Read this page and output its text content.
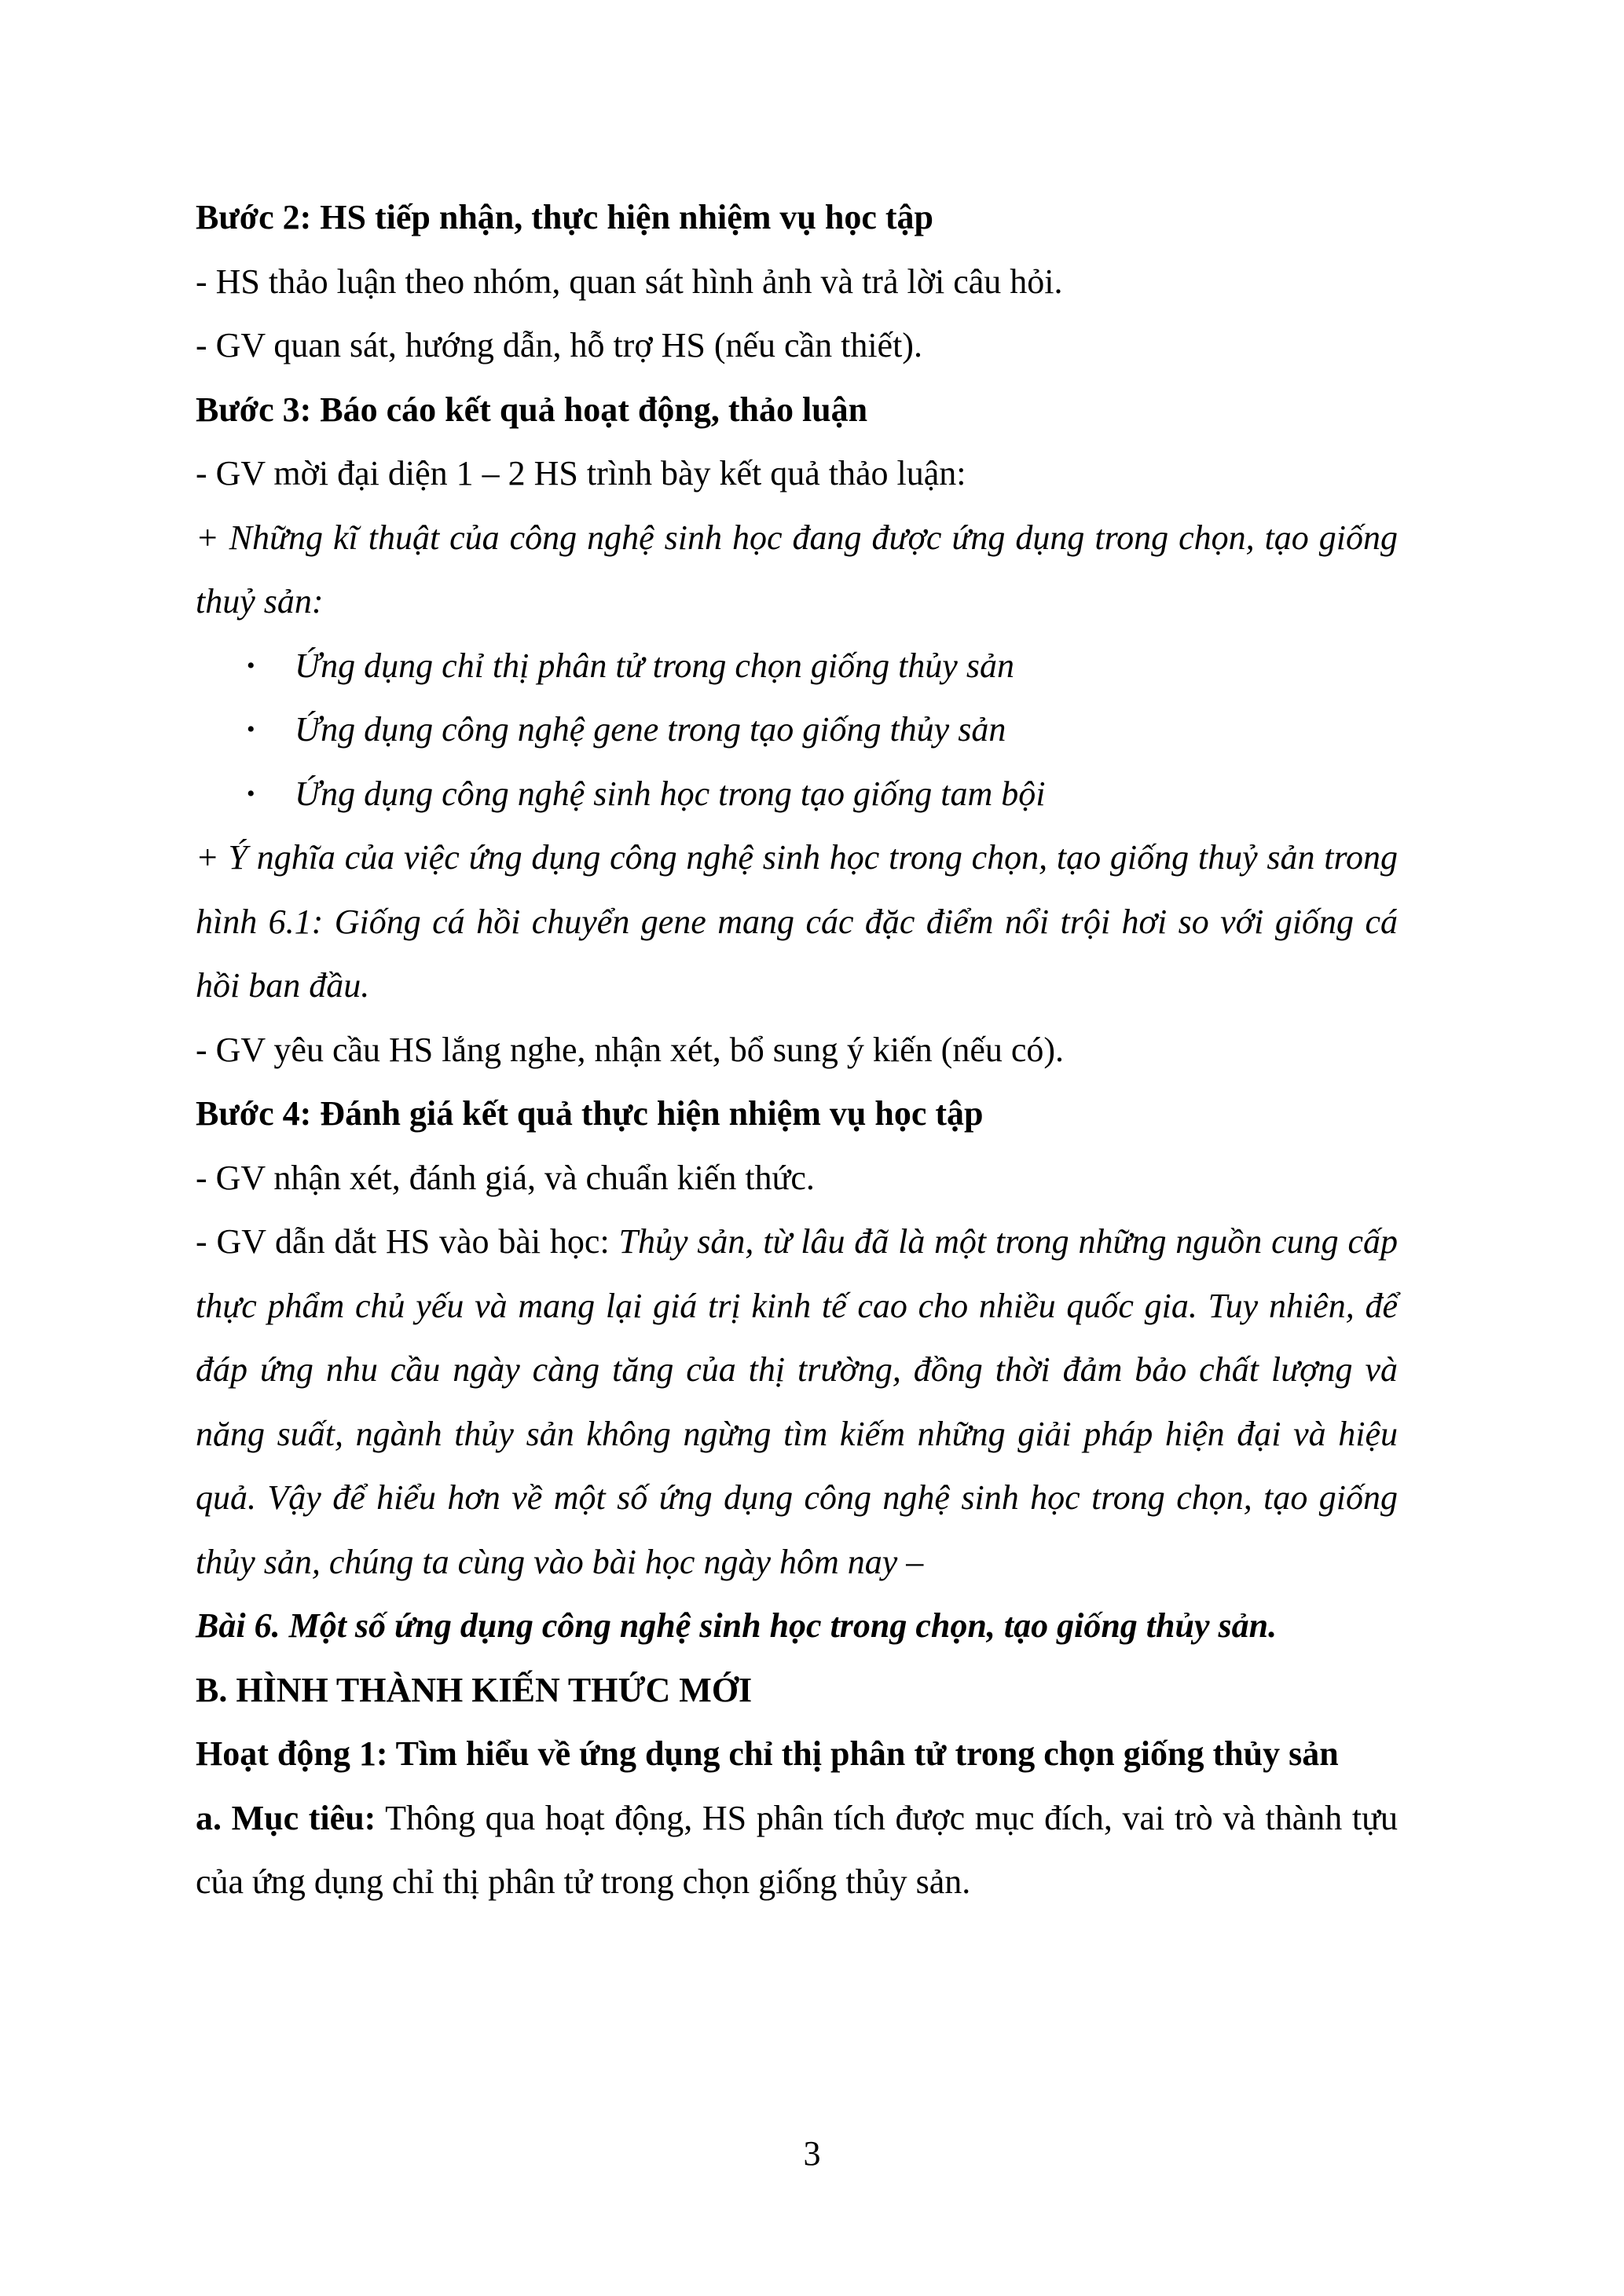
Bước 2: HS tiếp nhận, thực hiện nhiệm vụ học tập

- HS thảo luận theo nhóm, quan sát hình ảnh và trả lời câu hỏi.

- GV quan sát, hướng dẫn, hỗ trợ HS (nếu cần thiết).

Bước 3: Báo cáo kết quả hoạt động, thảo luận

- GV mời đại diện 1 – 2 HS trình bày kết quả thảo luận:

+ Những kĩ thuật của công nghệ sinh học đang được ứng dụng trong chọn, tạo giống thuỷ sản:

• Ứng dụng chỉ thị phân tử trong chọn giống thủy sản
• Ứng dụng công nghệ gene trong tạo giống thủy sản
• Ứng dụng công nghệ sinh học trong tạo giống tam bội

+ Ý nghĩa của việc ứng dụng công nghệ sinh học trong chọn, tạo giống thuỷ sản trong hình 6.1: Giống cá hồi chuyển gene mang các đặc điểm nổi trội hơi so với giống cá hồi ban đầu.

- GV yêu cầu HS lắng nghe, nhận xét, bổ sung ý kiến (nếu có).

Bước 4: Đánh giá kết quả thực hiện nhiệm vụ học tập

- GV nhận xét, đánh giá, và chuẩn kiến thức.

- GV dẫn dắt HS vào bài học: Thủy sản, từ lâu đã là một trong những nguồn cung cấp thực phẩm chủ yếu và mang lại giá trị kinh tế cao cho nhiều quốc gia. Tuy nhiên, để đáp ứng nhu cầu ngày càng tăng của thị trường, đồng thời đảm bảo chất lượng và năng suất, ngành thủy sản không ngừng tìm kiếm những giải pháp hiện đại và hiệu quả. Vậy để hiểu hơn về một số ứng dụng công nghệ sinh học trong chọn, tạo giống thủy sản, chúng ta cùng vào bài học ngày hôm nay –

Bài 6. Một số ứng dụng công nghệ sinh học trong chọn, tạo giống thủy sản.

B. HÌNH THÀNH KIẾN THỨC MỚI

Hoạt động 1: Tìm hiểu về ứng dụng chỉ thị phân tử trong chọn giống thủy sản

a. Mục tiêu: Thông qua hoạt động, HS phân tích được mục đích, vai trò và thành tựu của ứng dụng chỉ thị phân tử trong chọn giống thủy sản.

3
